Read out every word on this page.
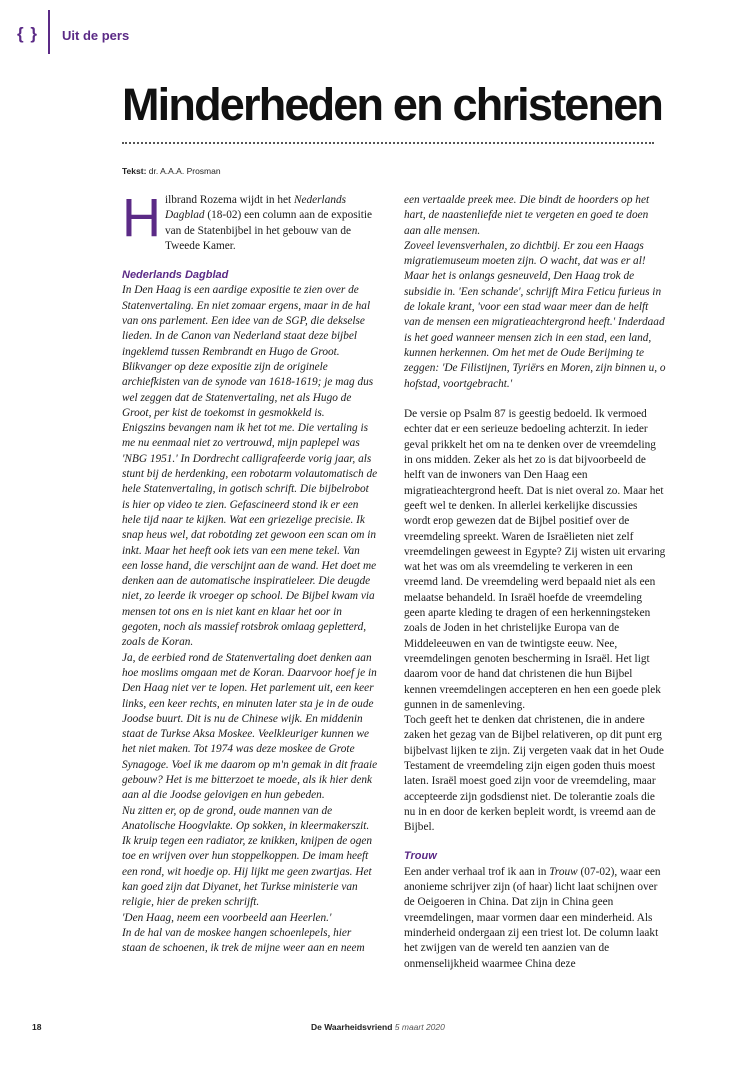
{ } Uit de pers
Minderheden en christenen
Tekst: dr. A.A.A. Prosman

Hilbrand Rozema wijdt in het Nederlands Dagblad (18-02) een column aan de expositie van de Statenbijbel in het gebouw van de Tweede Kamer.

Nederlands Dagblad

In Den Haag is een aardige expositie te zien over de Statenvertaling. En niet zomaar ergens, maar in de hal van ons parlement. Een idee van de SGP, die dekselse lieden. In de Canon van Nederland staat deze bijbel ingeklemd tussen Rembrandt en Hugo de Groot. Blikvanger op deze expositie zijn de originele archiefkisten van de synode van 1618-1619; je mag dus wel zeggen dat de Statenvertaling, net als Hugo de Groot, per kist de toekomst in gesmokkeld is.

Enigszins bevangen nam ik het tot me. Die vertaling is me nu eenmaal niet zo vertrouwd, mijn paplepel was 'NBG 1951.' In Dordrecht calligrafeerde vorig jaar, als stunt bij de herdenking, een robotarm volautomatisch de hele Statenvertaling, in gotisch schrift. Die bijbelrobot is hier op video te zien. Gefascineerd stond ik er een hele tijd naar te kijken. Wat een griezelige precisie. Ik snap heus wel, dat robotding zet gewoon een scan om in inkt. Maar het heeft ook iets van een mene tekel. Van een losse hand, die verschijnt aan de wand. Het doet me denken aan de automatische inspiratieleer. Die deugde niet, zo leerde ik vroeger op school. De Bijbel kwam via mensen tot ons en is niet kant en klaar het oor in gegoten, noch als massief rotsbrok omlaag gepletterd, zoals de Koran.

Ja, de eerbied rond de Statenvertaling doet denken aan hoe moslims omgaan met de Koran. Daarvoor hoef je in Den Haag niet ver te lopen. Het parlement uit, een keer links, een keer rechts, en minuten later sta je in de oude Joodse buurt. Dit is nu de Chinese wijk. En middenin staat de Turkse Aksa Moskee. Veelkleuriger kunnen we het niet maken. Tot 1974 was deze moskee de Grote Synagoge. Voel ik me daarom op m'n gemak in dit fraaie gebouw? Het is me bitterzoet te moede, als ik hier denk aan al die Joodse gelovigen en hun gebeden.

Nu zitten er, op de grond, oude mannen van de Anatolische Hoogvlakte. Op sokken, in kleermakerszit. Ik kruip tegen een radiator, ze knikken, knijpen de ogen toe en wrijven over hun stoppelkoppen. De imam heeft een rond, wit hoedje op. Hij lijkt me geen zwartjas. Het kan goed zijn dat Diyanet, het Turkse ministerie van religie, hier de preken schrijft.

'Den Haag, neem een voorbeeld aan Heerlen.'

In de hal van de moskee hangen schoenlepels, hier staan de schoenen, ik trek de mijne weer aan en neem

een vertaalde preek mee. Die bindt de hoorders op het hart, de naastenliefde niet te vergeten en goed te doen aan alle mensen.

Zoveel levensverhalen, zo dichtbij. Er zou een Haags migratiemuseum moeten zijn. O wacht, dat was er al! Maar het is onlangs gesneuveld, Den Haag trok de subsidie in. 'Een schande', schrijft Mira Feticu furieus in de lokale krant, 'voor een stad waar meer dan de helft van de mensen een migratieachtergrond heeft.' Inderdaad is het goed wanneer mensen zich in een stad, een land, kunnen herkennen. Om het met de Oude Berijming te zeggen: 'De Filistijnen, Tyriërs en Moren, zijn binnen u, o hofstad, voortgebracht.'

De versie op Psalm 87 is geestig bedoeld. Ik vermoed echter dat er een serieuze bedoeling achterzit. In ieder geval prikkelt het om na te denken over de vreemdeling in ons midden. Zeker als het zo is dat bijvoorbeeld de helft van de inwoners van Den Haag een migratieachtergrond heeft. Dat is niet overal zo. Maar het geeft wel te denken. In allerlei kerkelijke discussies wordt erop gewezen dat de Bijbel positief over de vreemdeling spreekt. Waren de Israëlieten niet zelf vreemdelingen geweest in Egypte? Zij wisten uit ervaring wat het was om als vreemdeling te verkeren in een vreemd land. De vreemdeling werd bepaald niet als een melaatse behandeld. In Israël hoefde de vreemdeling geen aparte kleding te dragen of een herkenningsteken zoals de Joden in het christelijke Europa van de Middeleeuwen en van de twintigste eeuw. Nee, vreemdelingen genoten bescherming in Israël. Het ligt daarom voor de hand dat christenen die hun Bijbel kennen vreemdelingen accepteren en hen een goede plek gunnen in de samenleving.

Toch geeft het te denken dat christenen, die in andere zaken het gezag van de Bijbel relativeren, op dit punt erg bijbelvast lijken te zijn. Zij vergeten vaak dat in het Oude Testament de vreemdeling zijn eigen goden thuis moest laten. Israël moest goed zijn voor de vreemdeling, maar accepteerde zijn godsdienst niet. De tolerantie zoals die nu in en door de kerken bepleit wordt, is vreemd aan de Bijbel.

Trouw

Een ander verhaal trof ik aan in Trouw (07-02), waar een anonieme schrijver zijn (of haar) licht laat schijnen over de Oeigoeren in China. Dat zijn in China geen vreemdelingen, maar vormen daar een minderheid. Als minderheid ondergaan zij een triest lot. De column laakt het zwijgen van de wereld ten aanzien van de onmenselijkheid waarmee China deze

18	De Waarheidsvriend 5 maart 2020
